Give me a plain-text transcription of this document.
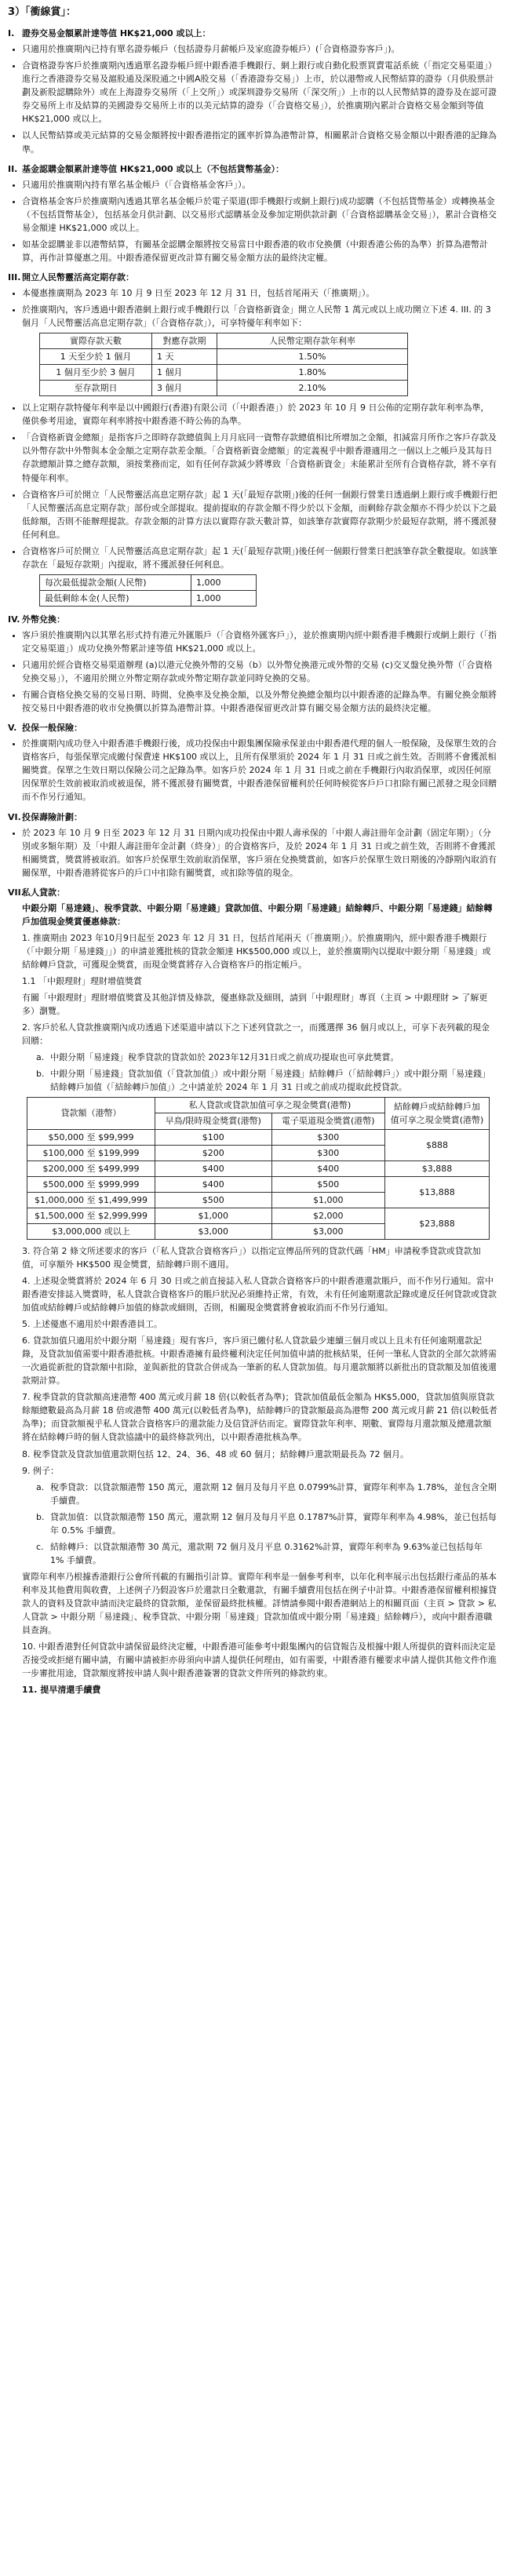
3）「衝線賞」：
I. 證券交易金額累計達等值 HK$21,000 或以上：
• 只適用於推廣期內已持有單名證券帳戶（包括證券月薪帳戶及家庭證券帳戶）(「合資格證券客戶」)。
• 合資格證券客戶於推廣期內透過單名證券帳戶經中銀香港手機銀行、網上銀行或自動化股票買賣電話系統（「指定交易渠道」）進行之香港證券交易及滬股通及深股通之中國A股交易（「香港證券交易」）上市，於以港幣或人民幣結算的證券（月供股票計劃及新股認購除外）或在上海證券交易所（「上交所」）或深圳證券交易所（「深交所」）上市的以人民幣結算的證券及在認可證券交易所上市及結算的美國證券交易所上市的以美元結算的證券（「合資格交易」），於推廣期內累計合資格交易金額到等值 HK$21,000 或以上。
• 以人民幣結算或美元結算的交易金額將按中銀香港指定的匯率折算為港幣計算，相關累計合資格交易金額以中銀香港的記錄為準。
II. 基金認購金額累計達等值 HK$21,000 或以上（不包括貨幣基金）：
• 只適用於推廣期內持有單名基金帳戶（「合資格基金客戶」）。
• 合資格基金客戶於推廣期內透過其單名基金帳戶於電子渠道(即手機銀行或網上銀行)成功認購（不包括貨幣基金）或轉換基金（不包括貨幣基金），包括基金月供計劃、以交易形式認購基金及參加定期供款計劃（「合資格認購基金交易」），累計合資格交易金額達 HK$21,000 或以上。
• 如基金認購並非以港幣結算，有關基金認購金額將按交易當日中銀香港的收市兌換價（中銀香港公佈的為準）折算為港幣計算，再作計算優惠之用。中銀香港保留更改計算有關交易金額方法的最終決定權。
III. 開立人民幣靈活高定期存款：
• 本優惠推廣期為 2023 年 10 月 9 日至 2023 年 12 月 31 日，包括首尾兩天（「推廣期」）。
• 於推廣期內，客戶透過中銀香港網上銀行或手機銀行以「合資格新資金」開立人民幣 1 萬元或以上成功開立下述 4. III. 的 3 個月「人民幣靈活高息定期存款」（「合資格存款」），可享特優年利率如下：
實際存款天數	對應存款期	人民幣定期存款年利率
1 天至少於 1 個月	1 天	1.50%
1 個月至少於 3 個月	1 個月	1.80%
至存款期日	3 個月	2.10%
• 以上定期存款特優年利率是以中國銀行(香港)有限公司（「中銀香港」）於 2023 年 10 月 9 日公佈的定期存款年利率為準，僅供參考用途，實際年利率將按中銀香港不時公佈的為準。
• 「合資格新資金總額」是指客戶之即時存款總值與上月月底同一資幣存款總值相比所增加之金額，扣減當月所作之客戶存款及以外幣存款中外幣與本金金額之定期存款差金額。「合資格新資金總額」的定義視乎中銀香港適用之一個以上之帳戶及其每日存款總額計算之總存款額，須按業務而定，如有任何存款減少將導致「合資格新資金」未能累計至所有合資格存款，將不享有特優年利率。
• 合資格客戶可於開立「人民幣靈活高息定期存款」起 1 天(「最短存款期」)後的任何一個銀行營業日透過網上銀行或手機銀行把「人民幣靈活高息定期存款」部份或全部提取。提前提取的存款金額不得少於以下金額，而剩餘存款金額亦不得少於以下之最低餘額，否則不能辦理提款。存款金額的計算方法以實際存款天數計算，如該筆存款實際存款期少於最短存款期，將不獲派發任何利息。
• 合資格客戶可於開立「人民幣靈活高息定期存款」起 1 天(「最短存款期」)後任何一個銀行營業日把該筆存款全數提取。如該筆存款在「最短存款期」內提取，將不獲派發任何利息。
每次最低提款金額(人民幣)	1,000
最低剩餘本金(人民幣)	1,000
IV. 外幣兌換：
• 客戶須於推廣期內以其單名形式持有港元外匯賬戶（「合資格外匯客戶」），並於推廣期內經中銀香港手機銀行或網上銀行（「指定交易渠道」）成功兌換外幣累計達等值 HK$21,000 或以上。
• 只適用於經合資格交易渠道辦理 (a)以港元兌換外幣的交易（b）以外幣兌換港元或外幣的交易 (c)交叉盤兌換外幣（「合資格兌換交易」），不適用於開立外幣定期存款或外幣定期存款並同時兌換的交易。
• 有關合資格兌換交易的交易日期、時間、兌換率及兌換金額，以及外幣兌換總金額均以中銀香港的記錄為準。有關兌換金額將按交易日中銀香港的收市兌換價以折算為港幣計算。中銀香港保留更改計算有關交易金額方法的最終決定權。
V. 投保一般保險：
• 於推廣期內成功登入中銀香港手機銀行後，成功投保由中銀集團保險承保並由中銀香港代理的個人一般保險，及保單生效的合資格客戶，每張保單完成繳付保費達 HK$100 或以上，且所有保單須於 2024 年 1 月 31 日或之前生效。否則將不會獲派相關獎賞。保單之生效日期以保險公司之記錄為準。如客戶於 2024 年 1 月 31 日或之前在手機銀行內取消保單，或因任何原因保單於生效前被取消或被退保，將不獲派發有關獎賞，中銀香港保留權利於任何時候從客戶戶口扣除有關已派發之現金回贈而不作另行通知。
VI.投保壽險計劃：
• 於 2023 年 10 月 9 日至 2023 年 12 月 31 日期內成功投保由中銀人壽承保的「中銀人壽註冊年金計劃（固定年期）」（分別或多類年期）及「中銀人壽註冊年金計劃（終身）」的合資格客戶，及於 2024 年 1 月 31 日或之前生效，否則將不會獲派相關獎賞，獎賞將被取消。如客戶於保單生效前取消保單，客戶須在兌換獎賞前，如客戶於保單生效日期後的冷靜期內取消有關保單，中銀香港將從客戶的戶口中扣除有關獎賞，或扣除等值的現金。
VII.私人貸款：
中銀分期「易達錢」、稅季貸款、中銀分期「易達錢」貸款加值、中銀分期「易達錢」結餘轉戶、中銀分期「易達錢」結餘轉戶加值現金獎賞優惠條款：
1. 推廣期由 2023 年10月9日起至 2023 年 12 月 31 日，包括首尾兩天（「推廣期」）。於推廣期內，經中銀香港手機銀行（「中銀分期「易達錢」」）的申請並獲批核的貸款金額達 HK$500,000 或以上，並於推廣期內以提取中銀分期「易達錢」或結餘轉戶貸款，可獲現金獎賞，而現金獎賞將存入合資格客戶的指定帳戶。
1.1 「中銀理財」理財增值獎賞
有關「中銀理財」理財增值獎賞及其他詳情及條款，優惠條款及細則，請到「中銀理財」專頁（主頁 > 中銀理財 > 了解更多）瀏覽。
2. 客戶於私人貸款推廣期內成功透過下述渠道申請以下之下述列貸款之一，而獲選擇 36 個月或以上，可享下表列載的現金回贈：
a. 中銀分期「易達錢」稅季貸款的貸款如於 2023年12月31日或之前成功提取也可享此獎賞。
b. 中銀分期「易達錢」貸款加值（「貸款加值」）或中銀分期「易達錢」結餘轉戶（「結餘轉戶」）或中銀分期「易達錢」結餘轉戶加值（「結餘轉戶加值」）之中請並於 2024 年 1 月 31 日或之前成功提取此授貸款。
貸款額（港幣）	私人貸款或貸款加值可享之現金獎賞(港幣)		結餘轉戶或結餘轉戶加值可享之現金獎賞(港幣)
	早鳥/限時現金獎賞(港幣)	電子渠道現金獎賞(港幣)	
$50,000 至 $99,999	$100	$300	$888
$100,000 至 $199,999	$200	$300	
$200,000 至 $499,999	$400	$400	$3,888
$500,000 至 $999,999	$400	$500	$13,888
$1,000,000 至 $1,499,999	$500	$1,000	
$1,500,000 至 $2,999,999	$1,000	$2,000	$23,888
$3,000,000 或以上	$3,000	$3,000	
3. 符合第 2 條文所述要求的客戶（「私人貸款合資格客戶」）以指定宣傳品所列的貸款代碼「HM」申請稅季貸款或貸款加值，可享額外 HK$500 現金獎賞，結餘轉戶則不適用。
4. 上述現金獎賞將於 2024 年 6 月 30 日或之前直接誌入私人貸款合資格客戶的中銀香港還款賬戶，而不作另行通知。當中銀香港安排誌入獎賞時，私人貸款合資格客戶的賬戶狀況必須維持正常，有效，未有任何逾期還款記錄或違反任何貸款或貸款加值或結餘轉戶或結餘轉戶加值的條款或細則，否則，相關現金獎賞將會被取消而不作另行通知。
5. 上述優惠不適用於中銀香港員工。
6. 貸款加值只適用於中銀分期「易達錢」現有客戶，客戶須已繳付私人貸款最少連續三個月或以上且未有任何逾期還款記錄，及貸款加值需要中銀香港批核。中銀香港擁有最終權利決定任何加值申請的批核結果，任何一筆私人貸款的全部欠款將需一次過從新批的貸款額中扣除，並與新批的貸款合併成為一筆新的私人貸款加值。每月還款額將以新批出的貸款額及加值後還款期計算。
7. 稅季貸款的貸款額高達港幣 400 萬元或月薪 18 倍(以較低者為準)；貸款加值最低金額為 HK$5,000，貸款加值與原貸款餘額總數最高為月薪 18 倍或港幣 400 萬元(以較低者為準)，結餘轉戶的貸款額最高為港幣 200 萬元或月薪 21 倍(以較低者為準)；而貸款額視乎私人貸款合資格客戶的還款能力及信貸評估而定。實際貸款年利率、期數、實際每月還款額及總還款額將在結餘轉戶時的個人貸款協議中的最終條款列出，以中銀香港批核為準。
8. 稅季貸款及貸款加值還款期包括 12、24、36、48 或 60 個月；結餘轉戶還款期最長為 72 個月。
9. 例子：
a. 稅季貸款：以貸款額港幣 150 萬元，還款期 12 個月及每月平息 0.0799%計算，實際年利率為 1.78%，並包含全期手續費。
b. 貸款加值：以貸款額港幣 150 萬元，還款期 12 個月及每月平息 0.1787%計算，實際年利率為 4.98%，並已包括每年 0.5% 手續費。
c. 結餘轉戶：以貸款額港幣 30 萬元，還款期 72 個月及月平息 0.3162%計算，實際年利率為 9.63%並已包括每年 1% 手續費。
實際年利率乃根據香港銀行公會所刊載的有關指引計算。實際年利率是一個參考利率，以年化利率展示出包括銀行產品的基本利率及其他費用與收費，上述例子乃假設客戶於還款日全數還款，有關手續費用包括在例子中計算。中銀香港保留權利根據貸款人的資料及貸款申請而決定最終的貸款額，並保留最終批核權。詳情請參閱中銀香港網站上的相關頁面（主頁 > 貸款 > 私人貸款 > 中銀分期「易達錢」、稅季貸款、中銀分期「易達錢」貸款加值或中銀分期「易達錢」結餘轉戶），或向中銀香港職員查詢。
10. 中銀香港對任何貸款申請保留最終決定權，中銀香港可能參考中銀集團內的信貸報告及根據中銀人所提供的資料而決定是否接受或拒絕有關申請，有關申請被拒亦毋須向申請人提供任何理由，如有需要，中銀香港有權要求申請人提供其他文件作進一步審批用途，貸款額度將按申請人與中銀香港簽署的貸款文件所列的條款約束。
11. 提早清還手續費
